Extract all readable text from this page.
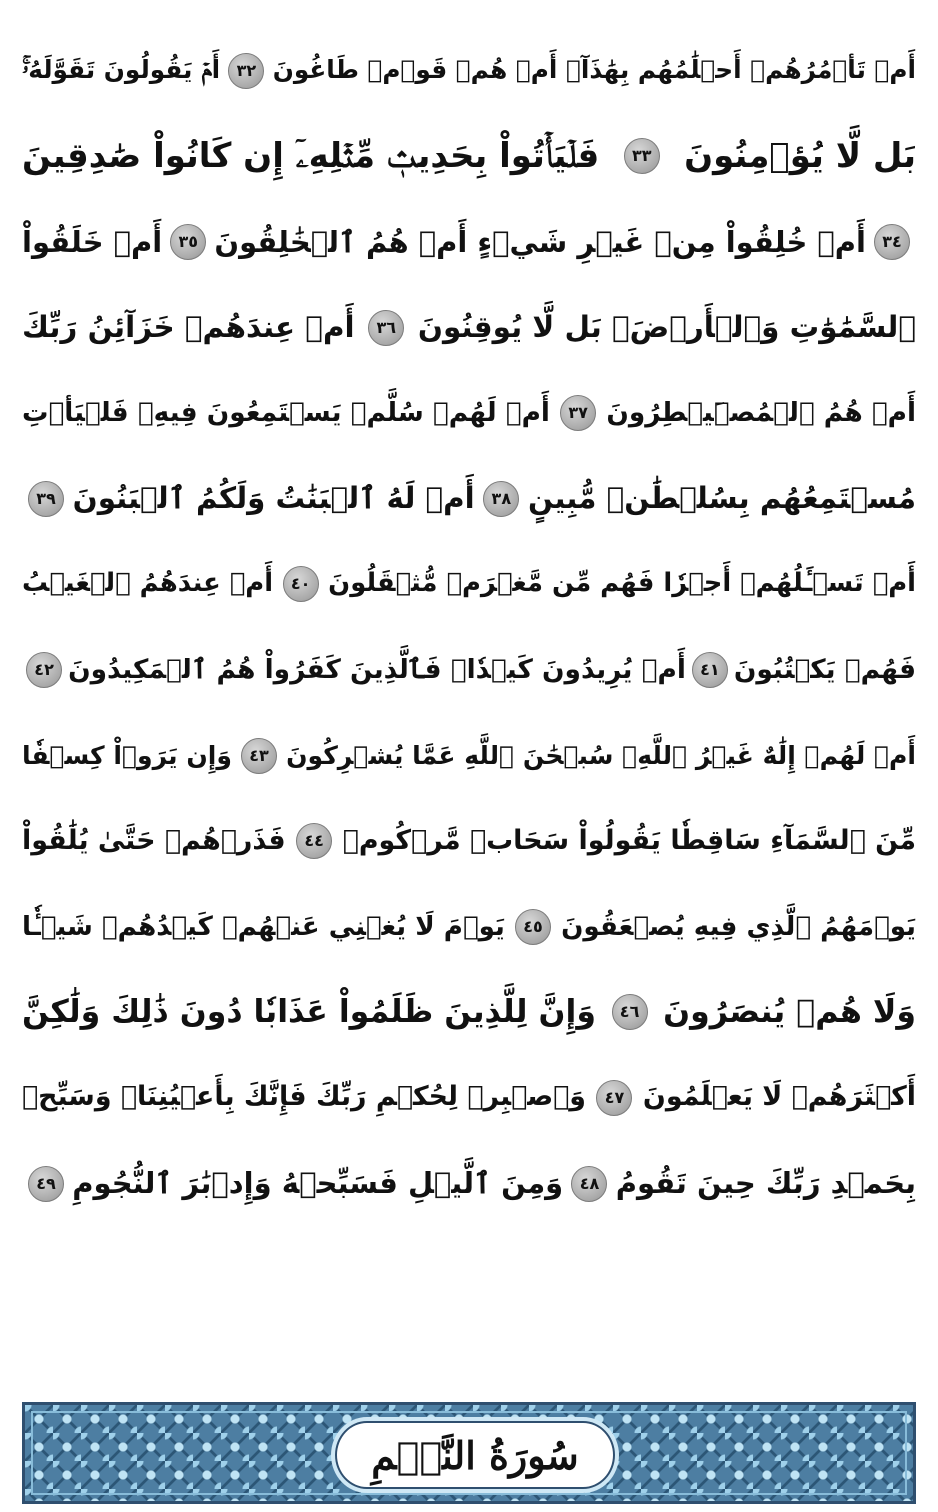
أَمۡ تَأۡمُرُهُمۡ أَحۡلَٰمُهُم بِهَٰذَآۚ أَمۡ هُمۡ قَوۡمٞ طَاغُونَ
٣٢
أَمۡ يَقُولُونَ تَقَوَّلَهُۥۚ
بَل لَّا يُؤۡمِنُونَ
٣٣
فَلۡيَأۡتُواْ بِحَدِيثٖ مِّثۡلِهِۦٓ إِن كَانُواْ صَٰدِقِينَ
٣٤
أَمۡ خُلِقُواْ مِنۡ غَيۡرِ شَيۡءٍ أَمۡ هُمُ ٱلۡخَٰلِقُونَ
٣٥
أَمۡ خَلَقُواْ
ٱلسَّمَٰوَٰتِ وَٱلۡأَرۡضَۚ بَل لَّا يُوقِنُونَ
٣٦
أَمۡ عِندَهُمۡ خَزَآئِنُ رَبِّكَ
أَمۡ هُمُ ٱلۡمُصَۜيۡطِرُونَ
٣٧
أَمۡ لَهُمۡ سُلَّمٞ يَسۡتَمِعُونَ فِيهِۖ فَلۡيَأۡتِ
مُسۡتَمِعُهُم بِسُلۡطَٰنٖ مُّبِينٍ
٣٨
أَمۡ لَهُ ٱلۡبَنَٰتُ وَلَكُمُ ٱلۡبَنُونَ
٣٩
أَمۡ تَسۡـَٔلُهُمۡ أَجۡرٗا فَهُم مِّن مَّغۡرَمٖ مُّثۡقَلُونَ
٤٠
أَمۡ عِندَهُمُ ٱلۡغَيۡبُ
فَهُمۡ يَكۡتُبُونَ
٤١
أَمۡ يُرِيدُونَ كَيۡدٗاۖ فَٱلَّذِينَ كَفَرُواْ هُمُ ٱلۡمَكِيدُونَ
٤٢
أَمۡ لَهُمۡ إِلَٰهٌ غَيۡرُ ٱللَّهِۚ سُبۡحَٰنَ ٱللَّهِ عَمَّا يُشۡرِكُونَ
٤٣
وَإِن يَرَوۡاْ كِسۡفٗا
مِّنَ ٱلسَّمَآءِ سَاقِطٗا يَقُولُواْ سَحَابٞ مَّرۡكُومٞ
٤٤
فَذَرۡهُمۡ حَتَّىٰ يُلَٰقُواْ
يَوۡمَهُمُ ٱلَّذِي فِيهِ يُصۡعَقُونَ
٤٥
يَوۡمَ لَا يُغۡنِي عَنۡهُمۡ كَيۡدُهُمۡ شَيۡـٔٗا
وَلَا هُمۡ يُنصَرُونَ
٤٦
وَإِنَّ لِلَّذِينَ ظَلَمُواْ عَذَابٗا دُونَ ذَٰلِكَ وَلَٰكِنَّ
أَكۡثَرَهُمۡ لَا يَعۡلَمُونَ
٤٧
وَٱصۡبِرۡ لِحُكۡمِ رَبِّكَ فَإِنَّكَ بِأَعۡيُنِنَاۖ وَسَبِّحۡ
بِحَمۡدِ رَبِّكَ حِينَ تَقُومُ
٤٨
وَمِنَ ٱلَّيۡلِ فَسَبِّحۡهُ وَإِدۡبَٰرَ ٱلنُّجُومِ
٤٩
سُورَةُ النَّجۡمِ
